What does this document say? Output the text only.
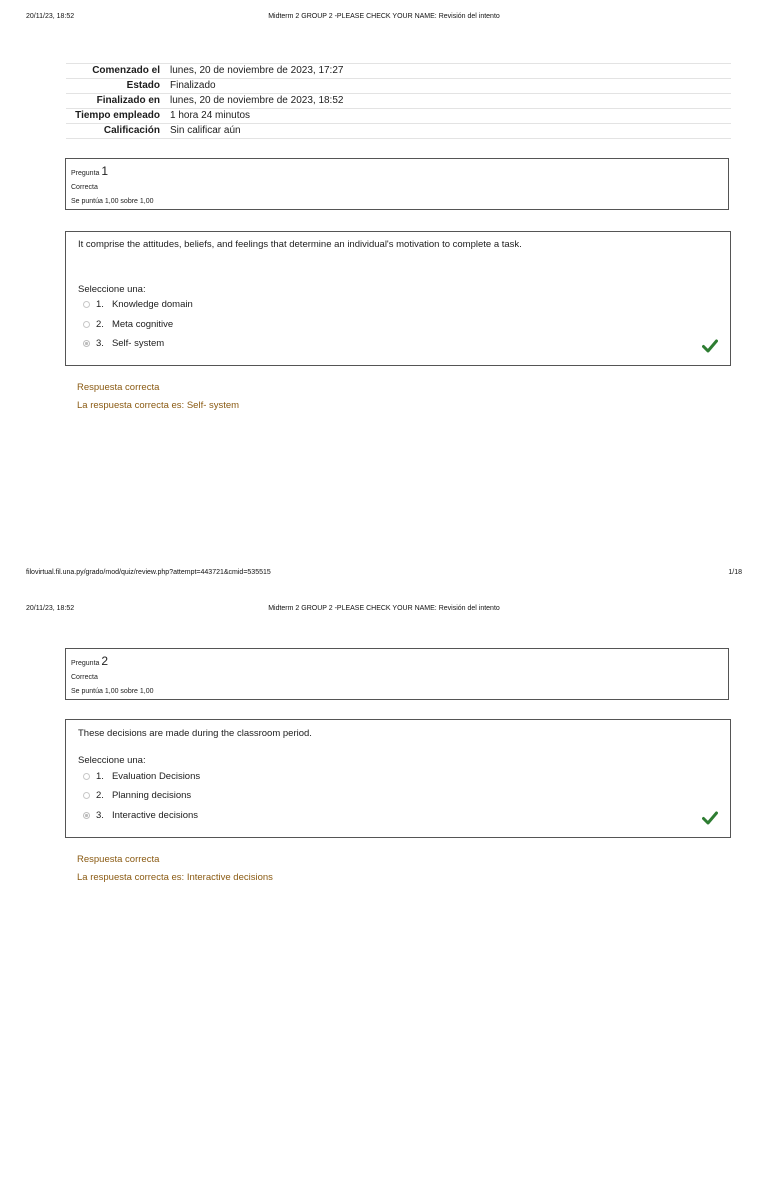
20/11/23, 18:52	Midterm 2 GROUP 2 -PLEASE CHECK YOUR NAME: Revisión del intento
Comenzado el	lunes, 20 de noviembre de 2023, 17:27
Estado	Finalizado
Finalizado en	lunes, 20 de noviembre de 2023, 18:52
Tiempo empleado	1 hora 24 minutos
Calificación	Sin calificar aún
Pregunta 1
Correcta
Se puntúa 1,00 sobre 1,00
It comprise the attitudes, beliefs, and feelings that determine an individual's motivation to complete a task.
Seleccione una:
1. Knowledge domain
2. Meta cognitive
3. Self- system
Respuesta correcta
La respuesta correcta es: Self- system
filovirtual.fil.una.py/grado/mod/quiz/review.php?attempt=443721&cmid=535515	1/18
20/11/23, 18:52	Midterm 2 GROUP 2 -PLEASE CHECK YOUR NAME: Revisión del intento
Pregunta 2
Correcta
Se puntúa 1,00 sobre 1,00
These decisions are made during the classroom period.
Seleccione una:
1. Evaluation Decisions
2. Planning decisions
3. Interactive decisions
Respuesta correcta
La respuesta correcta es: Interactive decisions
